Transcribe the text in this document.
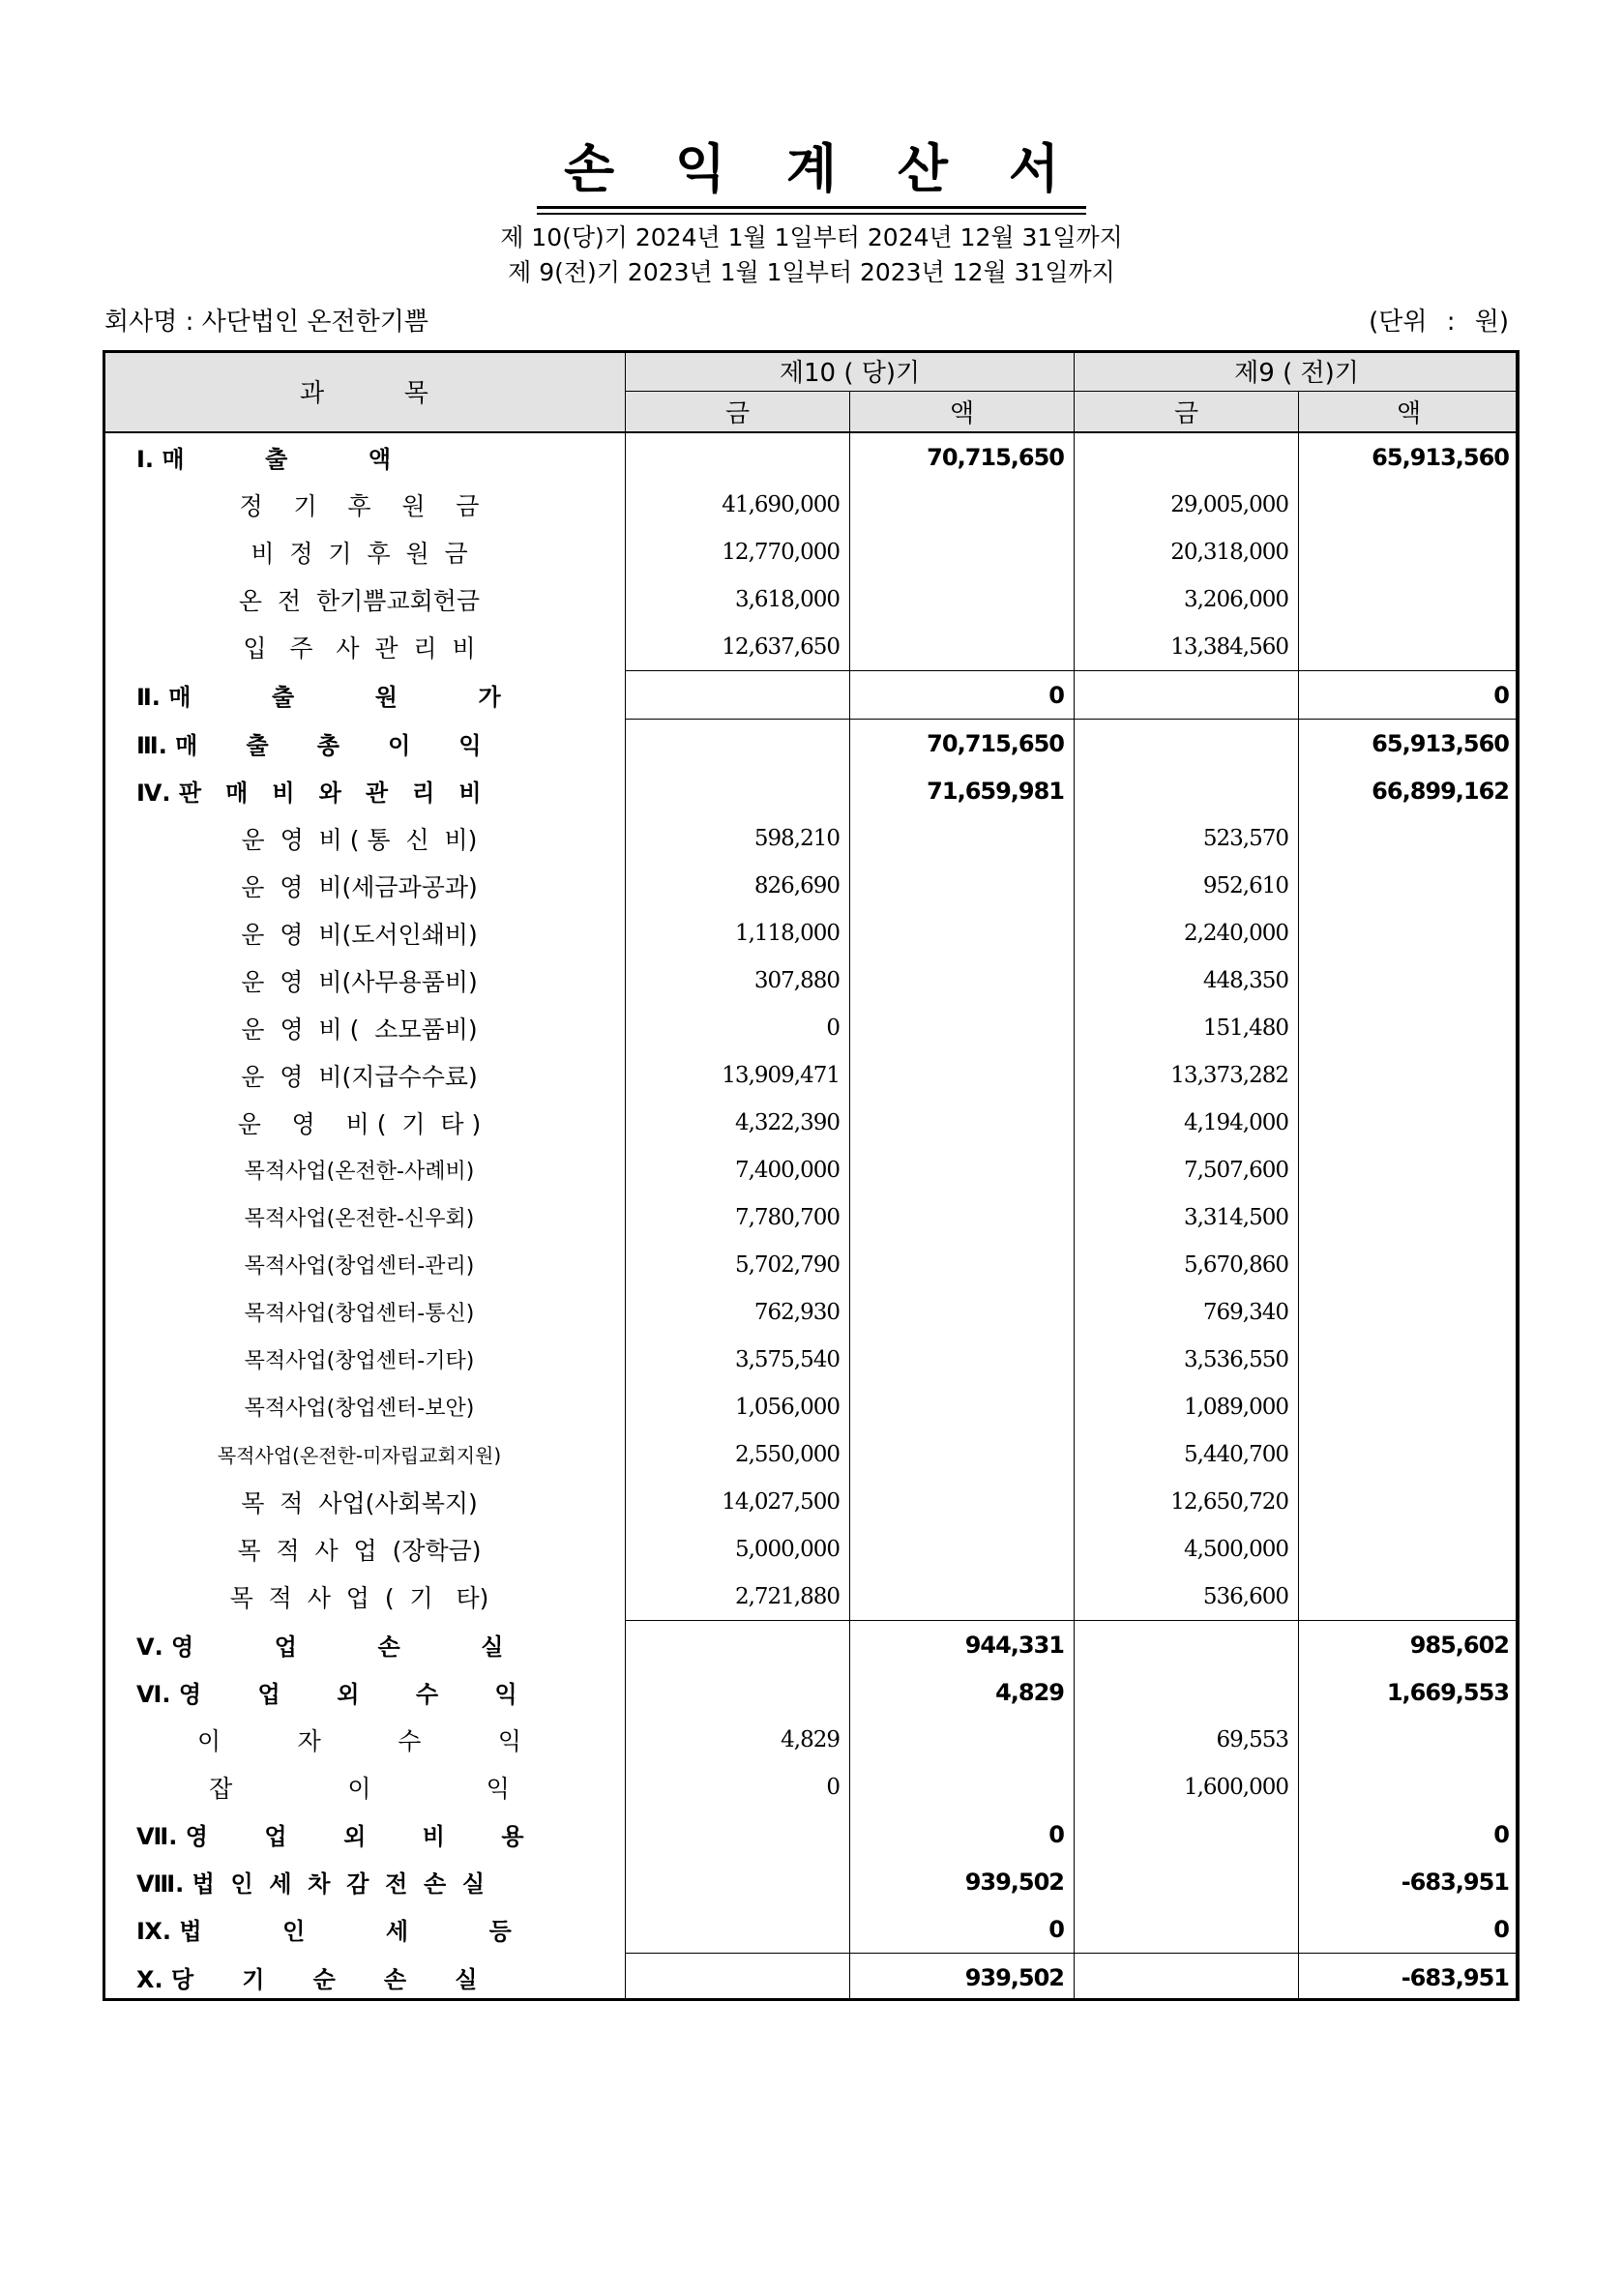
손 익 계 산 서
제 10(당)기 2024년 1월 1일부터 2024년 12월 31일까지
제 9(전)기 2023년 1월 1일부터 2023년 12월 31일까지
회사명 : 사단법인 온전한기쁨	(단위 : 원)
과          목	제10 ( 당)기		제9 ( 전)기	
	금	액	금	액
Ⅰ. 매          출          액		70,715,650		65,913,560
정    기    후    원    금	41,690,000		29,005,000	
비  정  기  후  원  금	12,770,000		20,318,000	
온  전  한기쁨교회헌금	3,618,000		3,206,000	
입   주   사  관  리  비	12,637,650		13,384,560	
Ⅱ. 매          출          원          가		0		0
Ⅲ. 매      출      총      이      익		70,715,650		65,913,560
Ⅳ. 판   매   비   와   관   리   비		71,659,981		66,899,162
운  영  비 ( 통  신  비)	598,210		523,570	
운  영  비(세금과공과)	826,690		952,610	
운  영  비(도서인쇄비)	1,118,000		2,240,000	
운  영  비(사무용품비)	307,880		448,350	
운  영  비 (  소모품비)	0		151,480	
운  영  비(지급수수료)	13,909,471		13,373,282	
운    영    비 (  기  타 )	4,322,390		4,194,000	
목적사업(온전한-사례비)	7,400,000		7,507,600	
목적사업(온전한-신우회)	7,780,700		3,314,500	
목적사업(창업센터-관리)	5,702,790		5,670,860	
목적사업(창업센터-통신)	762,930		769,340	
목적사업(창업센터-기타)	3,575,540		3,536,550	
목적사업(창업센터-보안)	1,056,000		1,089,000	
목적사업(온전한-미자립교회지원)	2,550,000		5,440,700	
목  적  사업(사회복지)	14,027,500		12,650,720	
목  적  사  업  (장학금)	5,000,000		4,500,000	
목  적  사  업  (  기   타)	2,721,880		536,600	
Ⅴ. 영          업          손          실		944,331		985,602
Ⅵ. 영       업       외       수       익		4,829		1,669,553
이          자          수          익	4,829		69,553	
잡               이               익	0		1,600,000	
Ⅶ. 영       업       외       비       용		0		0
Ⅷ. 법  인  세  차  감  전  손  실		939,502		-683,951
Ⅸ. 법          인          세          등		0		0
Ⅹ. 당      기      순      손      실		939,502		-683,951
